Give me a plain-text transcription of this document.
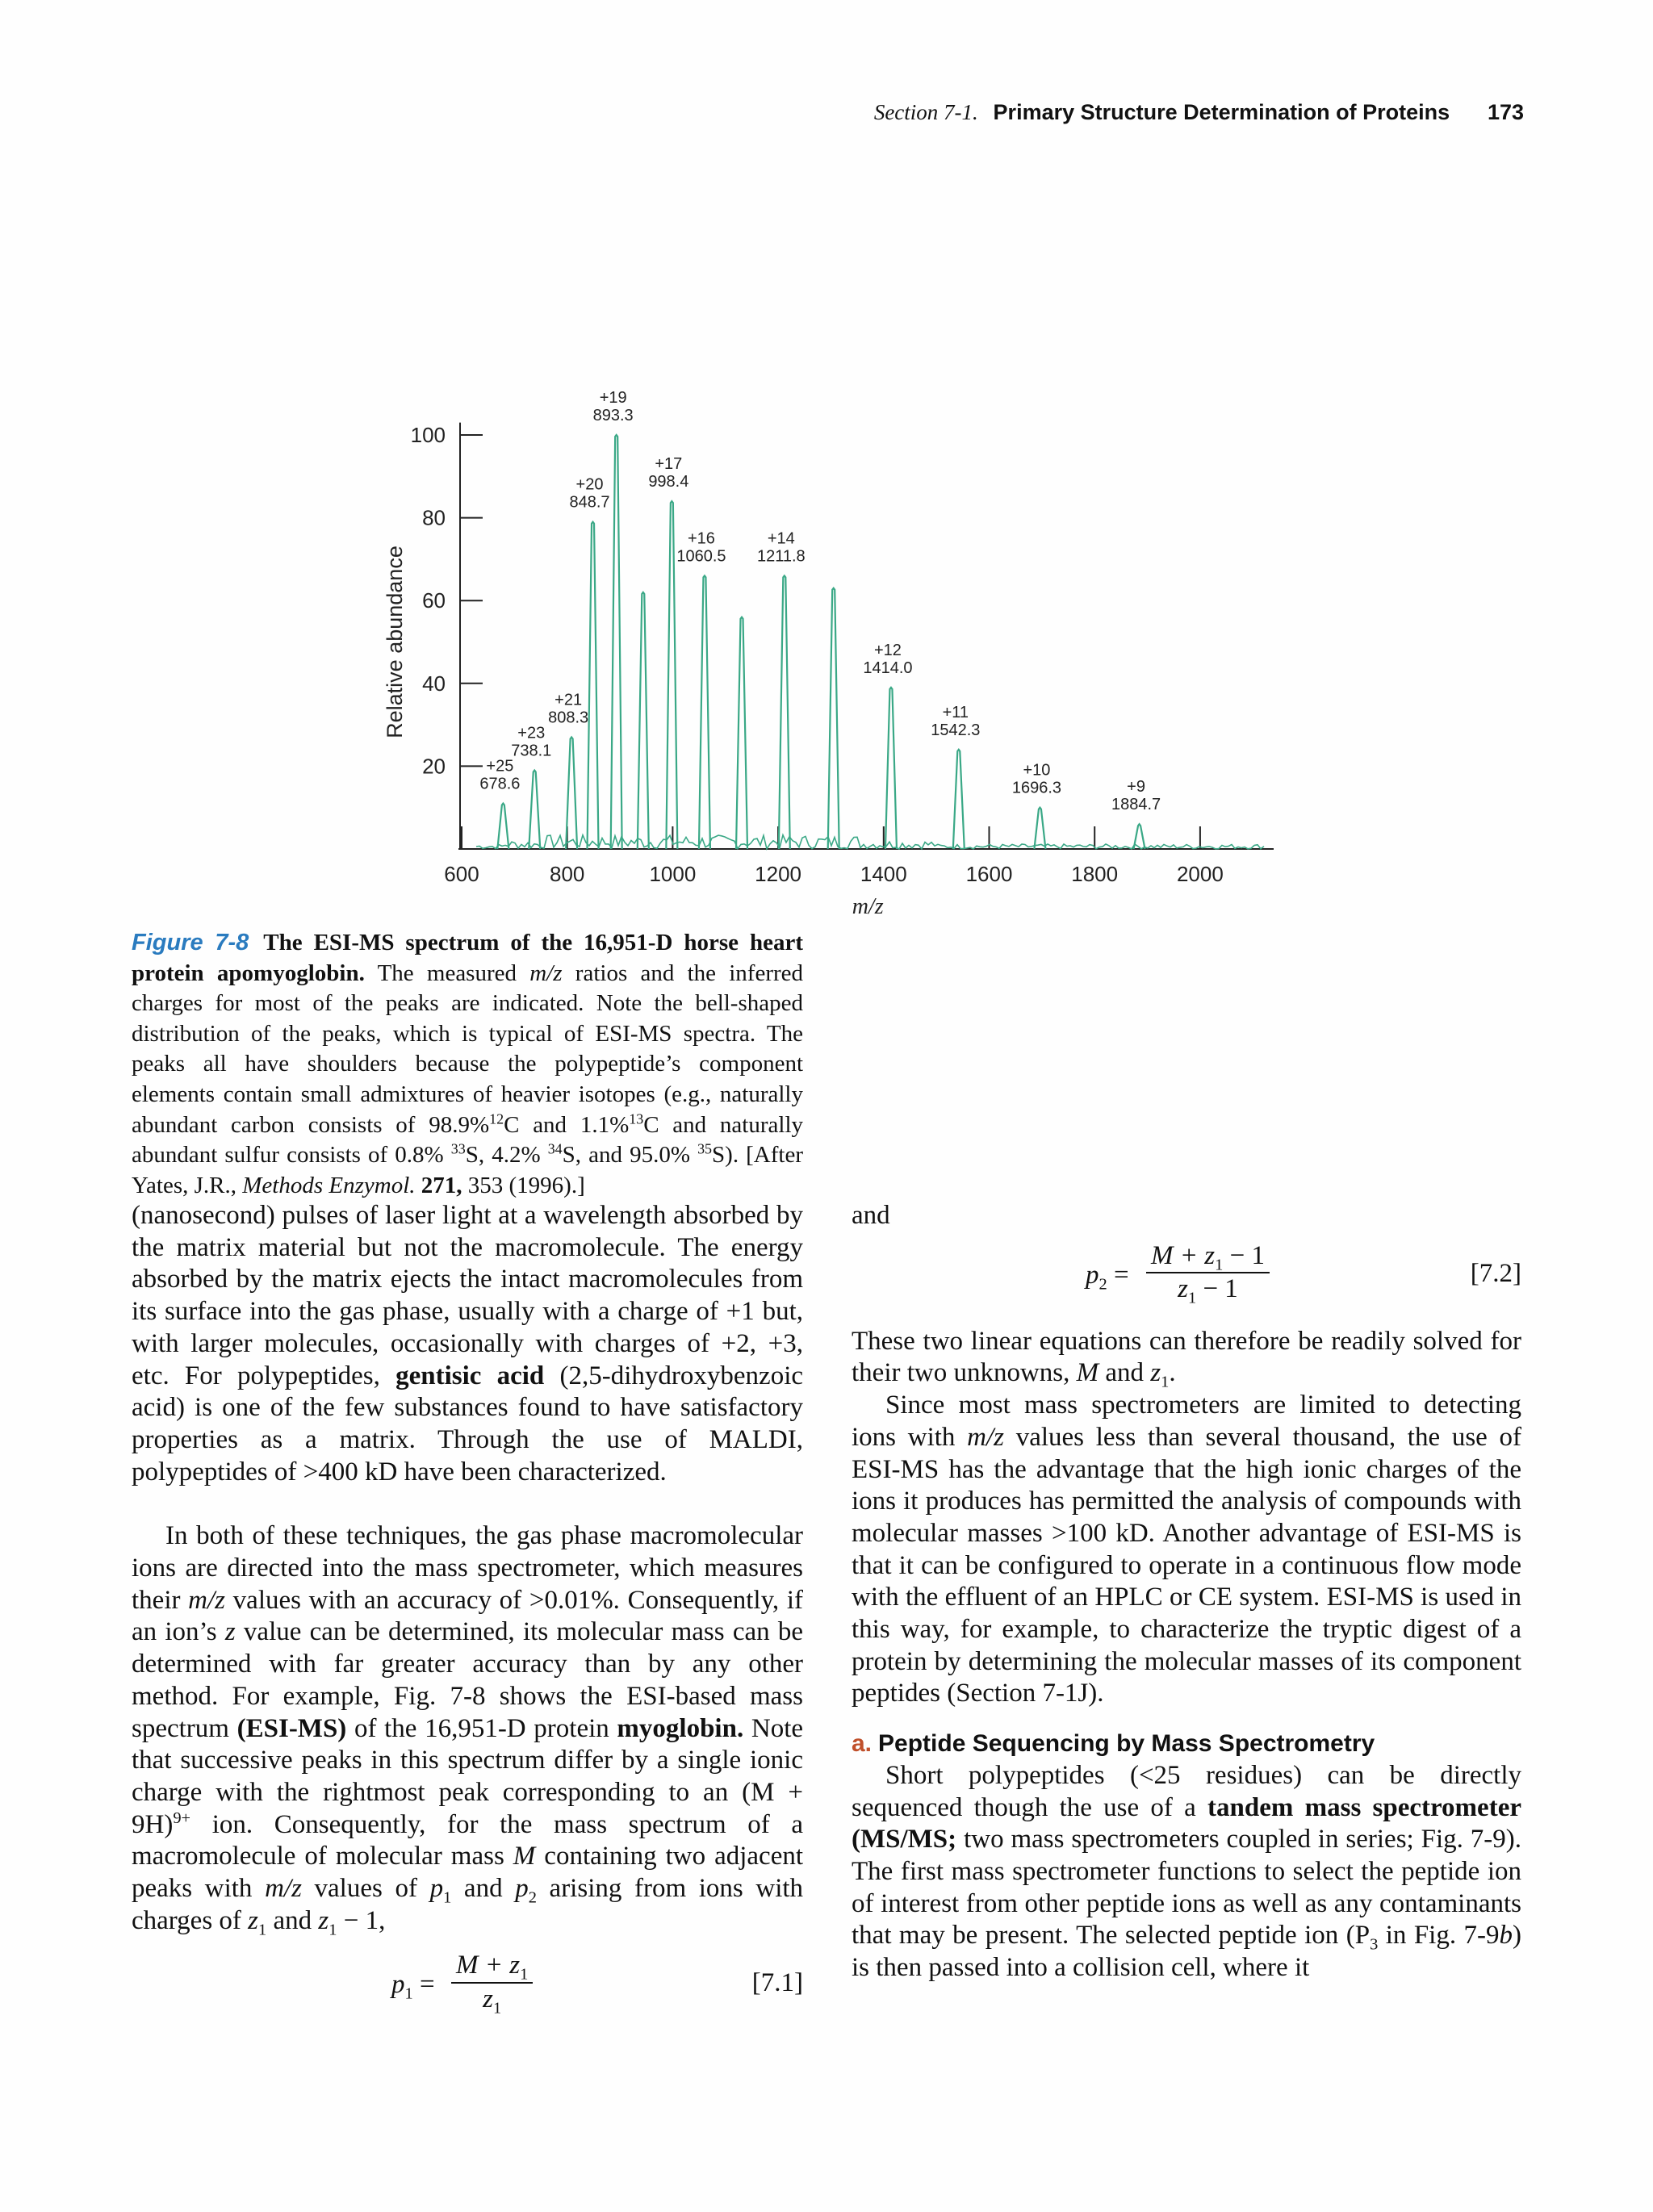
Section 7-1. Primary Structure Determination of Proteins 173
20
40
60
80
100
600	800	1000	1200	1400	1600	1800	2000
m/z
Relative abundance
+25
678.6
+23
738.1
+21
808.3
+20
848.7
+19
893.3
+17
998.4
+16
1060.5
+14
1211.8
+12
1414.0
+11
1542.3
+10
1696.3	+9
1884.7
Figure 7-8 The ESI-MS spectrum of the 16,951-D horse heart protein apomyoglobin. The measured m/z ratios and the inferred charges for most of the peaks are indicated. Note the bell-shaped distribution of the peaks, which is typical of ESI-MS spectra. The peaks all have shoulders because the polypeptide’s component elements contain small admixtures of heavier isotopes (e.g., naturally abundant carbon consists of 98.9%$^{12}$C and 1.1%$^{13}$C and naturally abundant sulfur consists of 0.8% $^{33}$S, 4.2% $^{34}$S, and 95.0% $^{35}$S). [After Yates, J.R., Methods Enzymol. 271, 353 (1996).]

(nanosecond) pulses of laser light at a wavelength absorbed by the matrix material but not the macromolecule. The energy absorbed by the matrix ejects the intact macromolecules from its surface into the gas phase, usually with a charge of +1 but, with larger molecules, occasionally with charges of +2, +3, etc. For polypeptides, gentisic acid (2,5-dihydroxybenzoic acid) is one of the few substances found to have satisfactory properties as a matrix. Through the use of MALDI, polypeptides of >400 kD have been characterized.

In both of these techniques, the gas phase macromolecular ions are directed into the mass spectrometer, which measures their m/z values with an accuracy of >0.01%. Consequently, if an ion’s z value can be determined, its molecular mass can be determined with far greater accuracy than by any other method. For example, Fig. 7-8 shows the ESI-based mass spectrum (ESI-MS) of the 16,951-D protein myoglobin. Note that successive peaks in this spectrum differ by a single ionic charge with the rightmost peak corresponding to an $(M + 9H)^{9+}$ ion. Consequently, for the mass spectrum of a macromolecule of molecular mass M containing two adjacent peaks with m/z values of $p_1$ and $p_2$ arising from ions with charges of $z_1$ and $z_1 - 1$,

$p_1 = \frac{M + z_1}{z_1}$	[7.1]

and

$p_2 = \frac{M + z_1 - 1}{z_1 - 1}$	[7.2]

These two linear equations can therefore be readily solved for their two unknowns, M and $z_1$.

Since most mass spectrometers are limited to detecting ions with m/z values less than several thousand, the use of ESI-MS has the advantage that the high ionic charges of the ions it produces has permitted the analysis of compounds with molecular masses >100 kD. Another advantage of ESI-MS is that it can be configured to operate in a continuous flow mode with the effluent of an HPLC or CE system. ESI-MS is used in this way, for example, to characterize the tryptic digest of a protein by determining the molecular masses of its component peptides (Section 7-1J).

a. Peptide Sequencing by Mass Spectrometry

Short polypeptides (<25 residues) can be directly sequenced though the use of a tandem mass spectrometer (MS/MS; two mass spectrometers coupled in series; Fig. 7-9). The first mass spectrometer functions to select the peptide ion of interest from other peptide ions as well as any contaminants that may be present. The selected peptide ion ($P_3$ in Fig. 7-9b) is then passed into a collision cell, where it
